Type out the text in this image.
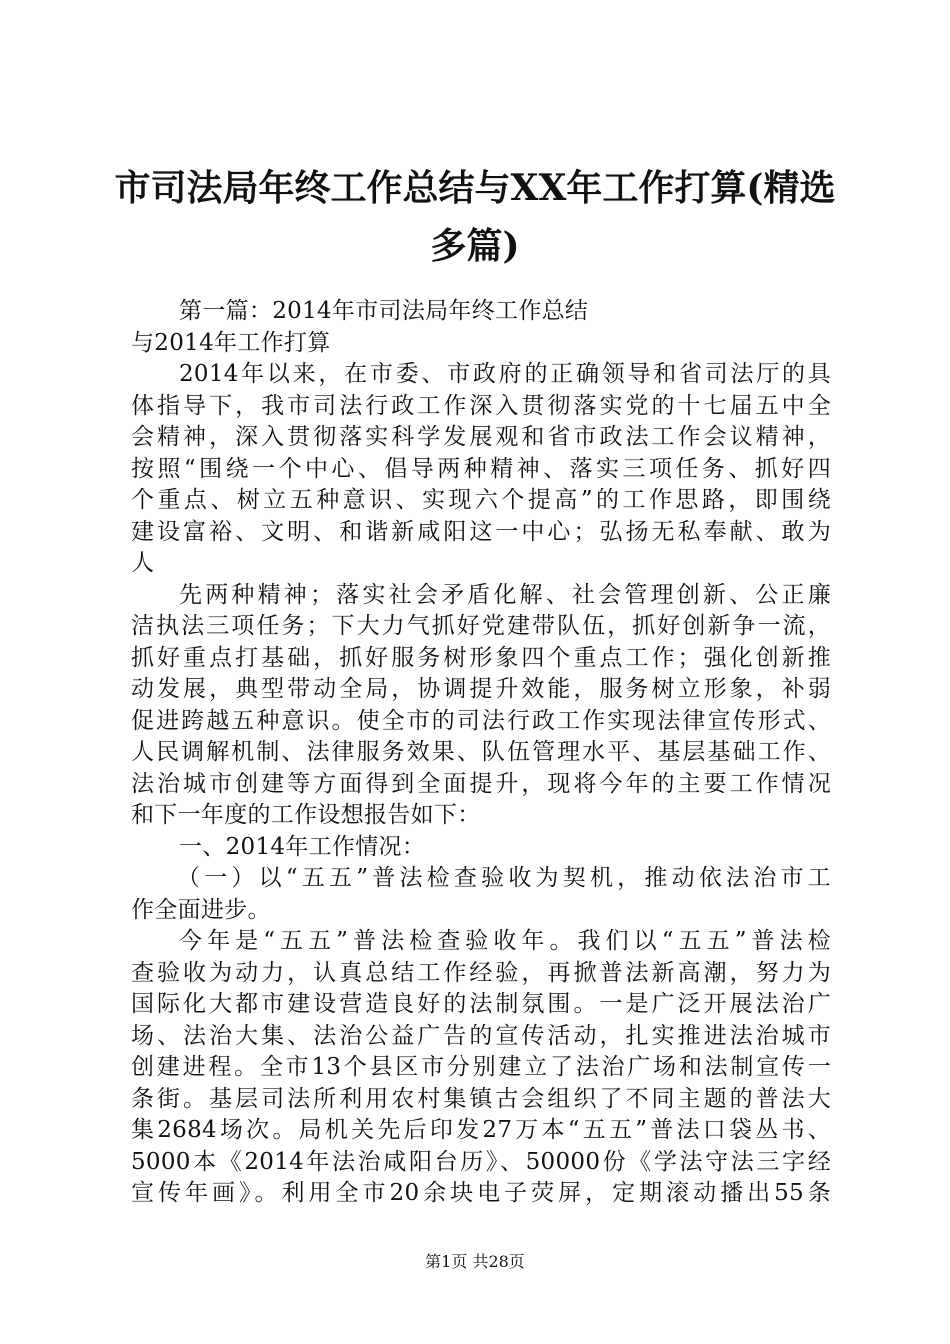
市司法局年终工作总结与XX年工作打算(精选
多篇)
第一篇：2014年市司法局年终工作总结
与2014年工作打算
2014年以来，在市委、市政府的正确领导和省司法厅的具
体指导下，我市司法行政工作深入贯彻落实党的十七届五中全
会精神，深入贯彻落实科学发展观和省市政法工作会议精神，
按照“围绕一个中心、倡导两种精神、落实三项任务、抓好四
个重点、树立五种意识、实现六个提高”的工作思路，即围绕
建设富裕、文明、和谐新咸阳这一中心；弘扬无私奉献、敢为
人
先两种精神；落实社会矛盾化解、社会管理创新、公正廉
洁执法三项任务；下大力气抓好党建带队伍，抓好创新争一流，
抓好重点打基础，抓好服务树形象四个重点工作；强化创新推
动发展，典型带动全局，协调提升效能，服务树立形象，补弱
促进跨越五种意识。使全市的司法行政工作实现法律宣传形式、
人民调解机制、法律服务效果、队伍管理水平、基层基础工作、
法治城市创建等方面得到全面提升，现将今年的主要工作情况
和下一年度的工作设想报告如下：
一、2014年工作情况：
（一）以“五五”普法检查验收为契机，推动依法治市工
作全面进步。
今年是“五五”普法检查验收年。我们以“五五”普法检
查验收为动力，认真总结工作经验，再掀普法新高潮，努力为
国际化大都市建设营造良好的法制氛围。一是广泛开展法治广
场、法治大集、法治公益广告的宣传活动，扎实推进法治城市
创建进程。全市13个县区市分别建立了法治广场和法制宣传一
条街。基层司法所利用农村集镇古会组织了不同主题的普法大
集2684场次。局机关先后印发27万本“五五”普法口袋丛书、
5000本《2014年法治咸阳台历》、50000份《学法守法三字经
宣传年画》。利用全市20余块电子荧屏，定期滚动播出55条
第1页 共28页
